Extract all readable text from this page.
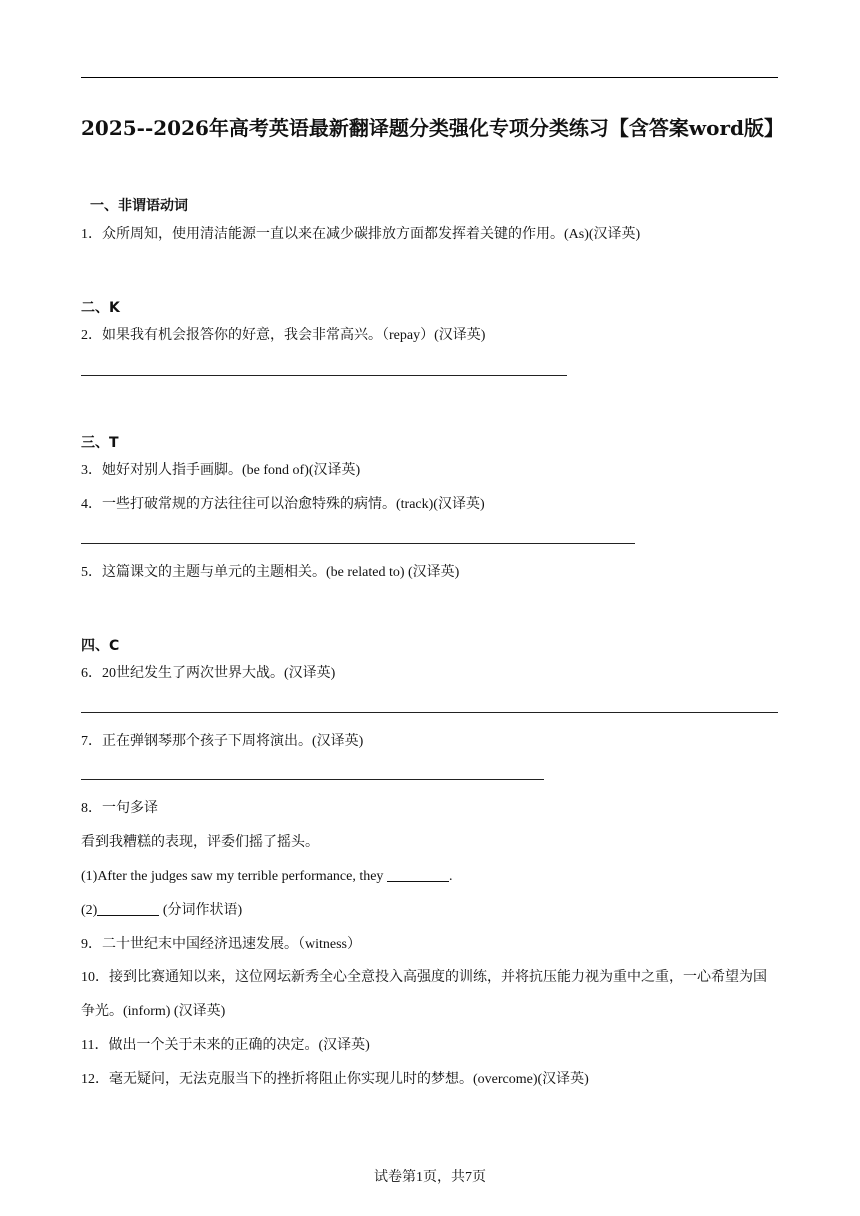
2025--2026年高考英语最新翻译题分类强化专项分类练习【含答案word版】
一、非谓语动词
1．众所周知，使用清洁能源一直以来在减少碳排放方面都发挥着关键的作用。(As)(汉译英)
二、K
2．如果我有机会报答你的好意，我会非常高兴。（repay）(汉译英)
三、T
3．她好对别人指手画脚。(be fond of)(汉译英)
4．一些打破常规的方法往往可以治愈特殊的病情。(track)(汉译英)
5．这篇课文的主题与单元的主题相关。(be related to) (汉译英)
四、C
6．20世纪发生了两次世界大战。(汉译英)
7．正在弹钢琴那个孩子下周将演出。(汉译英)
8．一句多译
看到我糟糕的表现，评委们摇了摇头。
(1)After the judges saw my terrible performance, they	.
(2)	(分词作状语)
9．二十世纪末中国经济迅速发展。（witness）
10．接到比赛通知以来，这位网坛新秀全心全意投入高强度的训练，并将抗压能力视为重中之重，一心希望为国争光。(inform) (汉译英)
11．做出一个关于未来的正确的决定。(汉译英)
12．毫无疑问，无法克服当下的挫折将阻止你实现儿时的梦想。(overcome)(汉译英)
试卷第1页，共7页
